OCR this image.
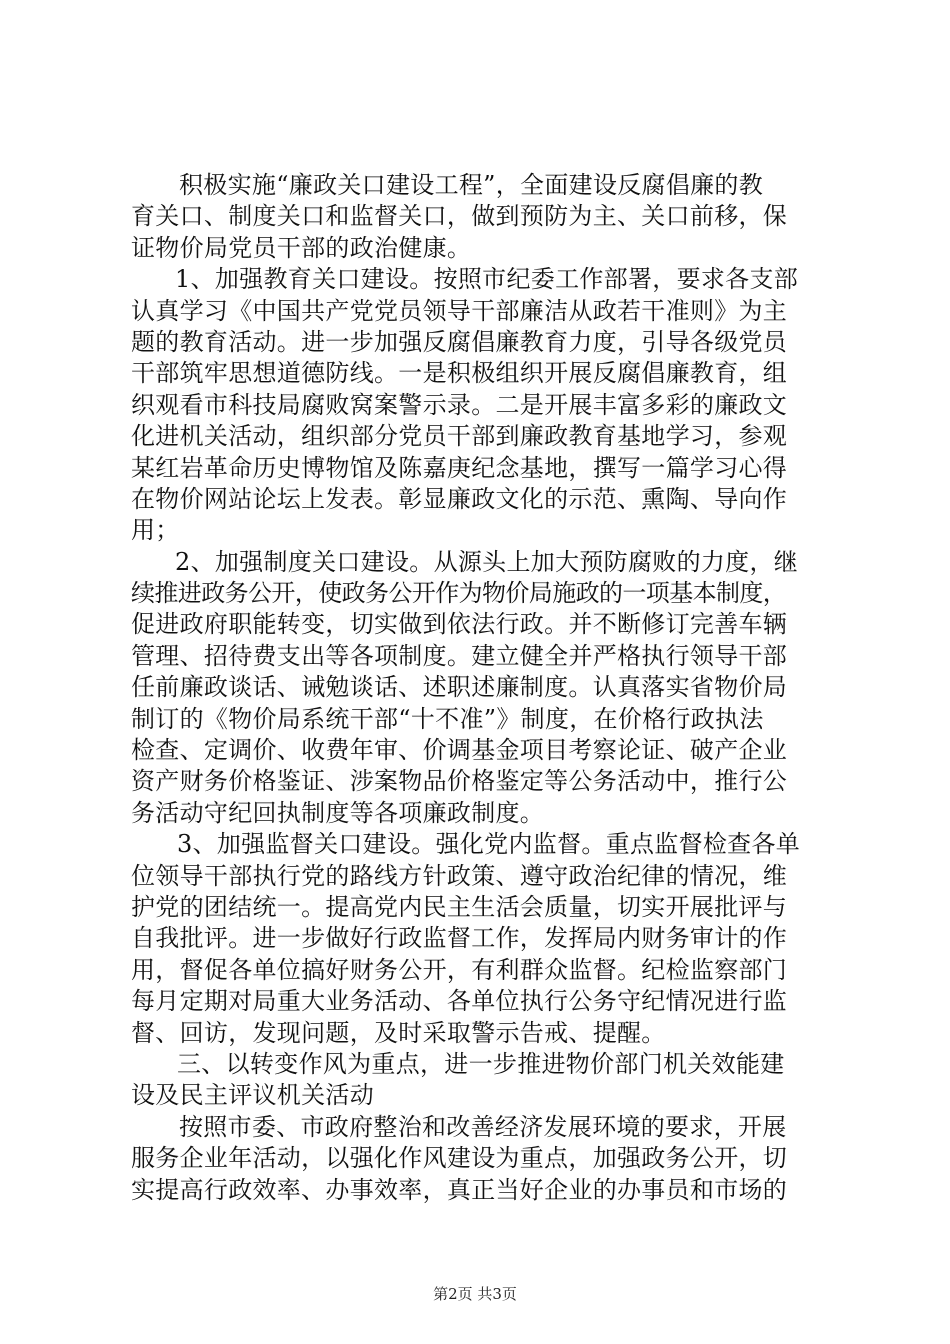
积极实施“廉政关口建设工程”，全面建设反腐倡廉的教
育关口、制度关口和监督关口，做到预防为主、关口前移，保
证物价局党员干部的政治健康。
1、加强教育关口建设。按照市纪委工作部署，要求各支部
认真学习《中国共产党党员领导干部廉洁从政若干准则》为主
题的教育活动。进一步加强反腐倡廉教育力度，引导各级党员
干部筑牢思想道德防线。一是积极组织开展反腐倡廉教育，组
织观看市科技局腐败窝案警示录。二是开展丰富多彩的廉政文
化进机关活动，组织部分党员干部到廉政教育基地学习，参观
某红岩革命历史博物馆及陈嘉庚纪念基地，撰写一篇学习心得
在物价网站论坛上发表。彰显廉政文化的示范、熏陶、导向作
用；
2、加强制度关口建设。从源头上加大预防腐败的力度，继
续推进政务公开，使政务公开作为物价局施政的一项基本制度，
促进政府职能转变，切实做到依法行政。并不断修订完善车辆
管理、招待费支出等各项制度。建立健全并严格执行领导干部
任前廉政谈话、诫勉谈话、述职述廉制度。认真落实省物价局
制订的《物价局系统干部“十不准”》制度，在价格行政执法
检查、定调价、收费年审、价调基金项目考察论证、破产企业
资产财务价格鉴证、涉案物品价格鉴定等公务活动中，推行公
务活动守纪回执制度等各项廉政制度。
3、加强监督关口建设。强化党内监督。重点监督检查各单
位领导干部执行党的路线方针政策、遵守政治纪律的情况，维
护党的团结统一。提高党内民主生活会质量，切实开展批评与
自我批评。进一步做好行政监督工作，发挥局内财务审计的作
用，督促各单位搞好财务公开，有利群众监督。纪检监察部门
每月定期对局重大业务活动、各单位执行公务守纪情况进行监
督、回访，发现问题，及时采取警示告戒、提醒。
三、以转变作风为重点，进一步推进物价部门机关效能建
设及民主评议机关活动
按照市委、市政府整治和改善经济发展环境的要求，开展
服务企业年活动，以强化作风建设为重点，加强政务公开，切
实提高行政效率、办事效率，真正当好企业的办事员和市场的
第2页 共3页
